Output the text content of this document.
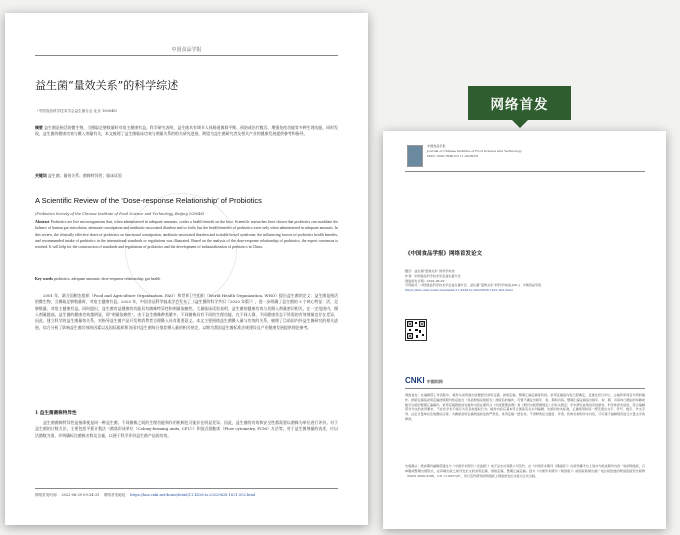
中国食品学报
益生菌“量效关系”的科学综述
（中国食品科学技术学会益生菌分会 北京 100048）
摘要 益生菌是指活的微生物，当摄取足够数量时对宿主健康有益。科学研究表明，益生菌具有调节人体肠道菌群平衡、预防或治疗腹泻、增强免疫功能等多种生理功能。同时发现，益生菌的健康功效与摄入剂量有关，本文梳理了益生菌临床功效与剂量关系的相关研究进展，期望为益生菌研究者及相关产业的健康发展提供参考和指导。
关键词 益生菌；量效关系；菌株特异性；临床试验
A Scientific Review of the ‘Dose-response Relationship’ of Probiotics
(Probiotics Society of the Chinese Institute of Food Science and Technology, Beijing 100048)
Abstract Probiotics are live microorganisms that, when administered in adequate amounts, confer a health benefit on the host. Scientific researches have shown that probiotics can modulate the balance of human gut microbiota, attenuate constipation and antibiotic-associated diarrhea and so forth, but the health benefits of probiotics exert only when administered in adequate amounts. In this review, the clinically effective doses of probiotics on functional constipation, antibiotic-associated diarrhea and irritable bowel syndrome, the influencing factors of probiotics health benefits, and recommended intake of probiotics in the international standards or regulations was illustrated. Based on the analysis of the dose-response relationship of probiotics, the expert consensus is reached. It will help for the construction of standards and regulations of probiotics and the development of industrialization of probiotics in China.
Key words probiotics; adequate amounts; dose-response relationship; gut health
2001 年，联合国粮农组织（Food and Agriculture Organization, FAO）和世界卫生组织（World Health Organization, WHO）提出益生菌的定义：益生菌是指活的微生物，当摄取足够数量时，对宿主健康有益。2020 年，中国食品科学技术学会发布了《益生菌的科学共识（2020 年版）》，进一步明确了益生菌的 3 个核心特征：活、足够数量、对宿主健康有益。同时提出，益生菌有益健康的功能具有菌株特异性和剂量依赖性。大量临床试验表明，益生菌的健康功效与其摄入剂量密切相关，在一定范围内，摄入剂量越高，益生菌的健康功效越明显，即“剂量依赖性”。由于益生菌株种类繁多，不同菌株具有不同的生理功能，在不同人群、不同健康状态下所需的有效剂量也存在差异，因此，建立科学的益生菌量效关系，对指导益生菌产品开发和消费者合理摄入具有重要意义。本文主要围绕益生菌摄入量与功效的关系，梳理了目前国内外益生菌研究的相关进展，综合分析了影响益生菌功效的因素以及国际组织和各国对益生菌每日推荐摄入量的相关规定，以期为我国益生菌标准法规建设及产业健康发展提供理论参考。
1 益生菌菌株特异性
益生菌菌株特异性是指即使是同一种益生菌，不同菌株之间的生理功能和作用机制也可能存在明显差异。因此，益生菌的功效和安全性都需要以菌株为单位进行评价。对于益生菌的计数方法，主要包括平板计数法（菌落形成单位（Colony-forming units, CFU））和流式细胞术（Flow cytometry, FCM）方法等。对于益生菌剂量的表述，应以活菌数为准，并明确标注菌株名称及含量，以便于科学评价益生菌产品的功效。
网络首发时间： 2022-06-29 09:34:31 网络首发地址： https://kns.cnki.net/kcms/detail/11.4528.ts.20220628.1621.002.html
网络首发
中国食品学报
Journal of Chinese Institute of Food Science and Technology
ISSN 1009-7848,CN 11-4528/TS
《中国食品学报》网络首发论文
题目：益生菌“量效关系”的科学综述
作者：中国食品科学技术学会益生菌分会
网络首发日期：2022-06-29
引用格式：中国食品科学技术学会益生菌分会．益生菌“量效关系”的科学综述[J/OL]．中国食品学报．
https://kns.cnki.net/kcms/detail/11.4528.ts.20220628.1621.002.html
CNKI 中国知网
网络首发：在编辑部工作流程中，稿件从录用到出版要经历录用定稿、排版定稿、整期汇编定稿等阶段。录用定稿指内容已经确定，且通过同行评议、主编终审同意刊用的稿件。排版定稿指录用定稿按照期刊特定版式（包括网络呈现版式）排版后的稿件，可暂不确定出版年、卷、期和页码。整期汇编定稿指出版年、卷、期、页码均已确定的印刷或数字出版的整期汇编稿件。录用定稿网络首发稿件内容必须符合《出版管理条例》和《期刊出版管理规定》的有关规定；学术研究成果具有创新性、科学性和先进性，符合编辑部对刊文的录用要求，不存在学术不端行为及其他侵权行为；稿件内容应基本符合国家有关书刊编辑、出版的技术标准，正确使用和统一规范语言文字、符号、数字、外文字母、法定计量单位及地图标注等。为确保录用定稿网络首发的严肃性，录用定稿一经发布，不得修改论文题目、作者、机构名称和学术内容，只可基于编辑规范进行少量文字的修改。
出版确认：纸质期刊编辑部通过与《中国学术期刊（光盘版）》电子杂志社有限公司签约，在《中国学术期刊（网络版）》出版传播平台上创办与纸质期刊内容一致的网络版，以单篇或整期出版形式，在印刷出版之前刊发论文的录用定稿、排版定稿、整期汇编定稿。因为《中国学术期刊（网络版）》是国家新闻出版广电总局批准的网络连续型出版物（ISSN 2096-4188，CN 11-6037/Z），所以签约期刊的网络版上网络首发论文视为正式出版。
